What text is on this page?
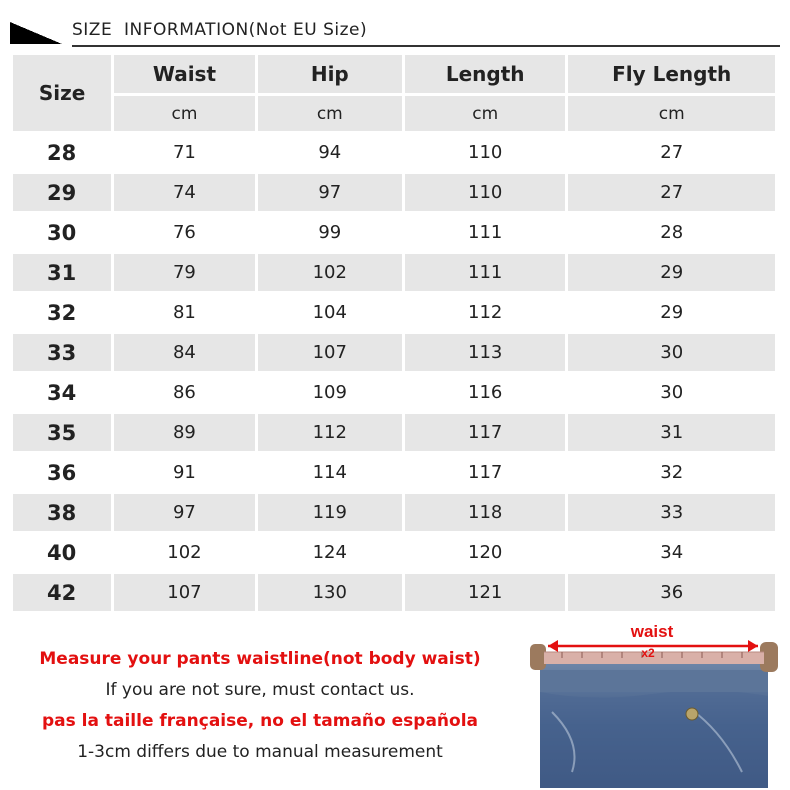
SIZE  INFORMATION(Not EU Size)
Size	Waist	Hip	Length	Fly Length
	cm	cm	cm	cm
28	71	94	110	27
29	74	97	110	27
30	76	99	111	28
31	79	102	111	29
32	81	104	112	29
33	84	107	113	30
34	86	109	116	30
35	89	112	117	31
36	91	114	117	32
38	97	119	118	33
40	102	124	120	34
42	107	130	121	36
Measure your pants waistline(not body waist)
If you are not sure, must contact us.
pas la taille française, no el tamaño española
1-3cm differs due to manual measurement
waist
x2
